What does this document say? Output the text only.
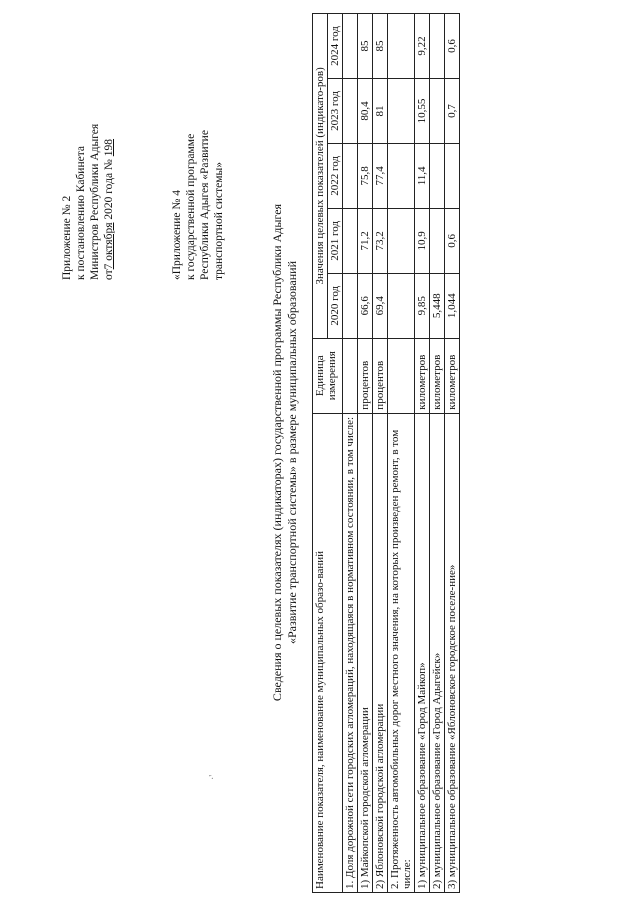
Приложение № 2 к постановлению Кабинета Министров Республики Адыгея от7 октября 2020 года № 198
«Приложение № 4 к государственной программе Республики Адыгея «Развитие транспортной системы»	Сведения о целевых показателях (индикаторах) государственной программы Республики Адыгея «Развитие транспортной системы» в размере муниципальных образований
·'	Наименование показателя, наименование муниципальных образо-ваний	Единица измерения	Значения целевых показателей (индикато-ров)				
		2020 год	2021 год	2022 год	2023 год	2024 год
1. Доля дорожной сети городских агломераций, находящаяся в нормативном состоянии, в том числе:						
1) Майкопской городской агломерации	процентов	66,6	71,2	75,8	80,4	85
2) Яблоновской городской агломерации	процентов	69,4	73,2	77,4	81	85
2. Протяженность автомобильных дорог местного значения, на которых произведен ремонт, в том числе:						
1) муниципальное образование «Город Майкоп»	километров	9,85	10,9	11,4	10,55	9,22
2) муниципальное образование «Город Адыгейск»	километров	5,448				
3) муниципальное образование «Яблоновское городское поселе-ние»	километров	1,044	0,6		0,7	0,6
